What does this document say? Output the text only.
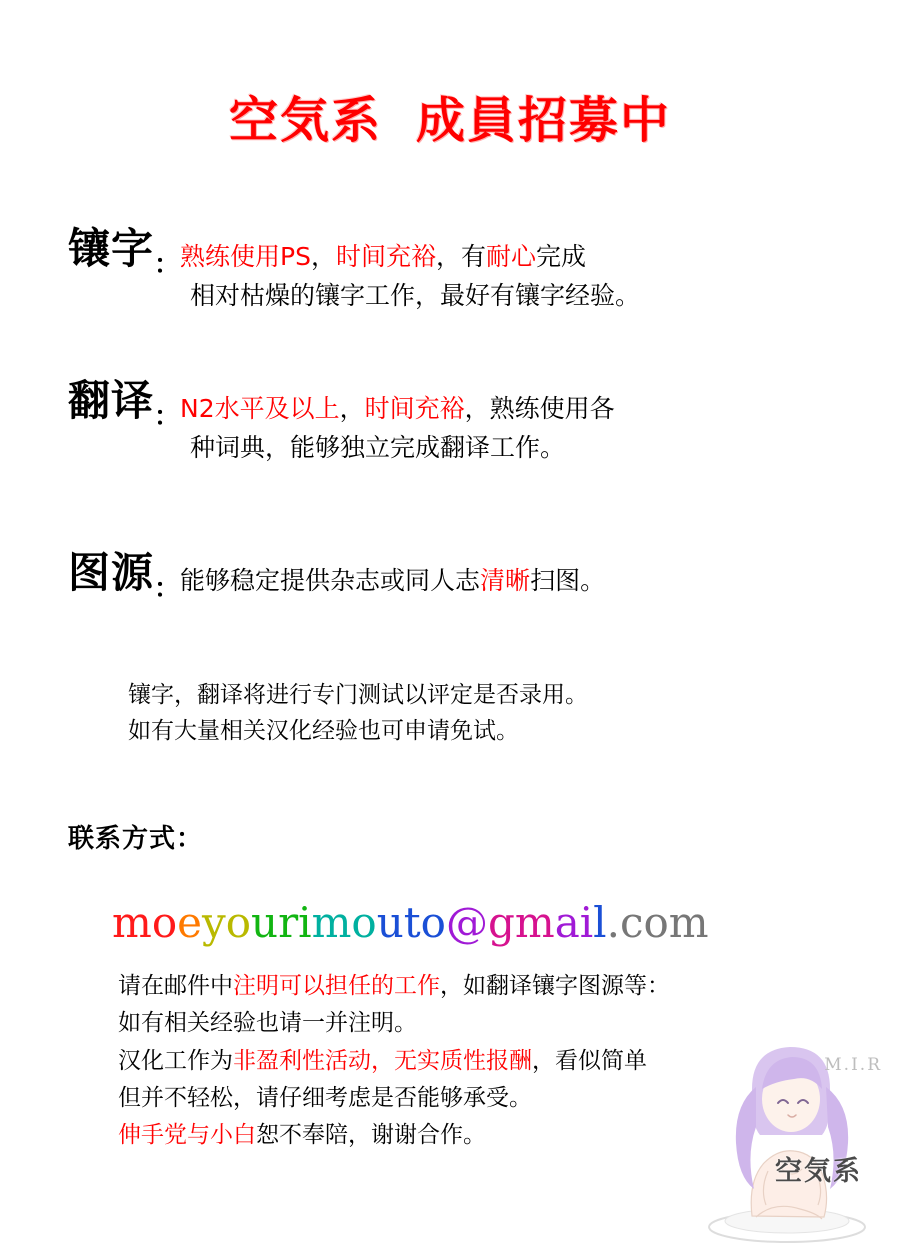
空気系 成員招募中
镶字：熟练使用PS，时间充裕，有耐心完成
相对枯燥的镶字工作，最好有镶字经验。
翻译：N2水平及以上，时间充裕，熟练使用各
种词典，能够独立完成翻译工作。
图源：能够稳定提供杂志或同人志清晰扫图。
镶字，翻译将进行专门测试以评定是否录用。
如有大量相关汉化经验也可申请免试。
联系方式：
moeyourimouto@gmail.com
请在邮件中注明可以担任的工作，如翻译镶字图源等：
如有相关经验也请一并注明。
汉化工作为非盈利性活动，无实质性报酬，看似简单
但并不轻松，请仔细考虑是否能够承受。
伸手党与小白恕不奉陪，谢谢合作。
M.I.R
空気系
